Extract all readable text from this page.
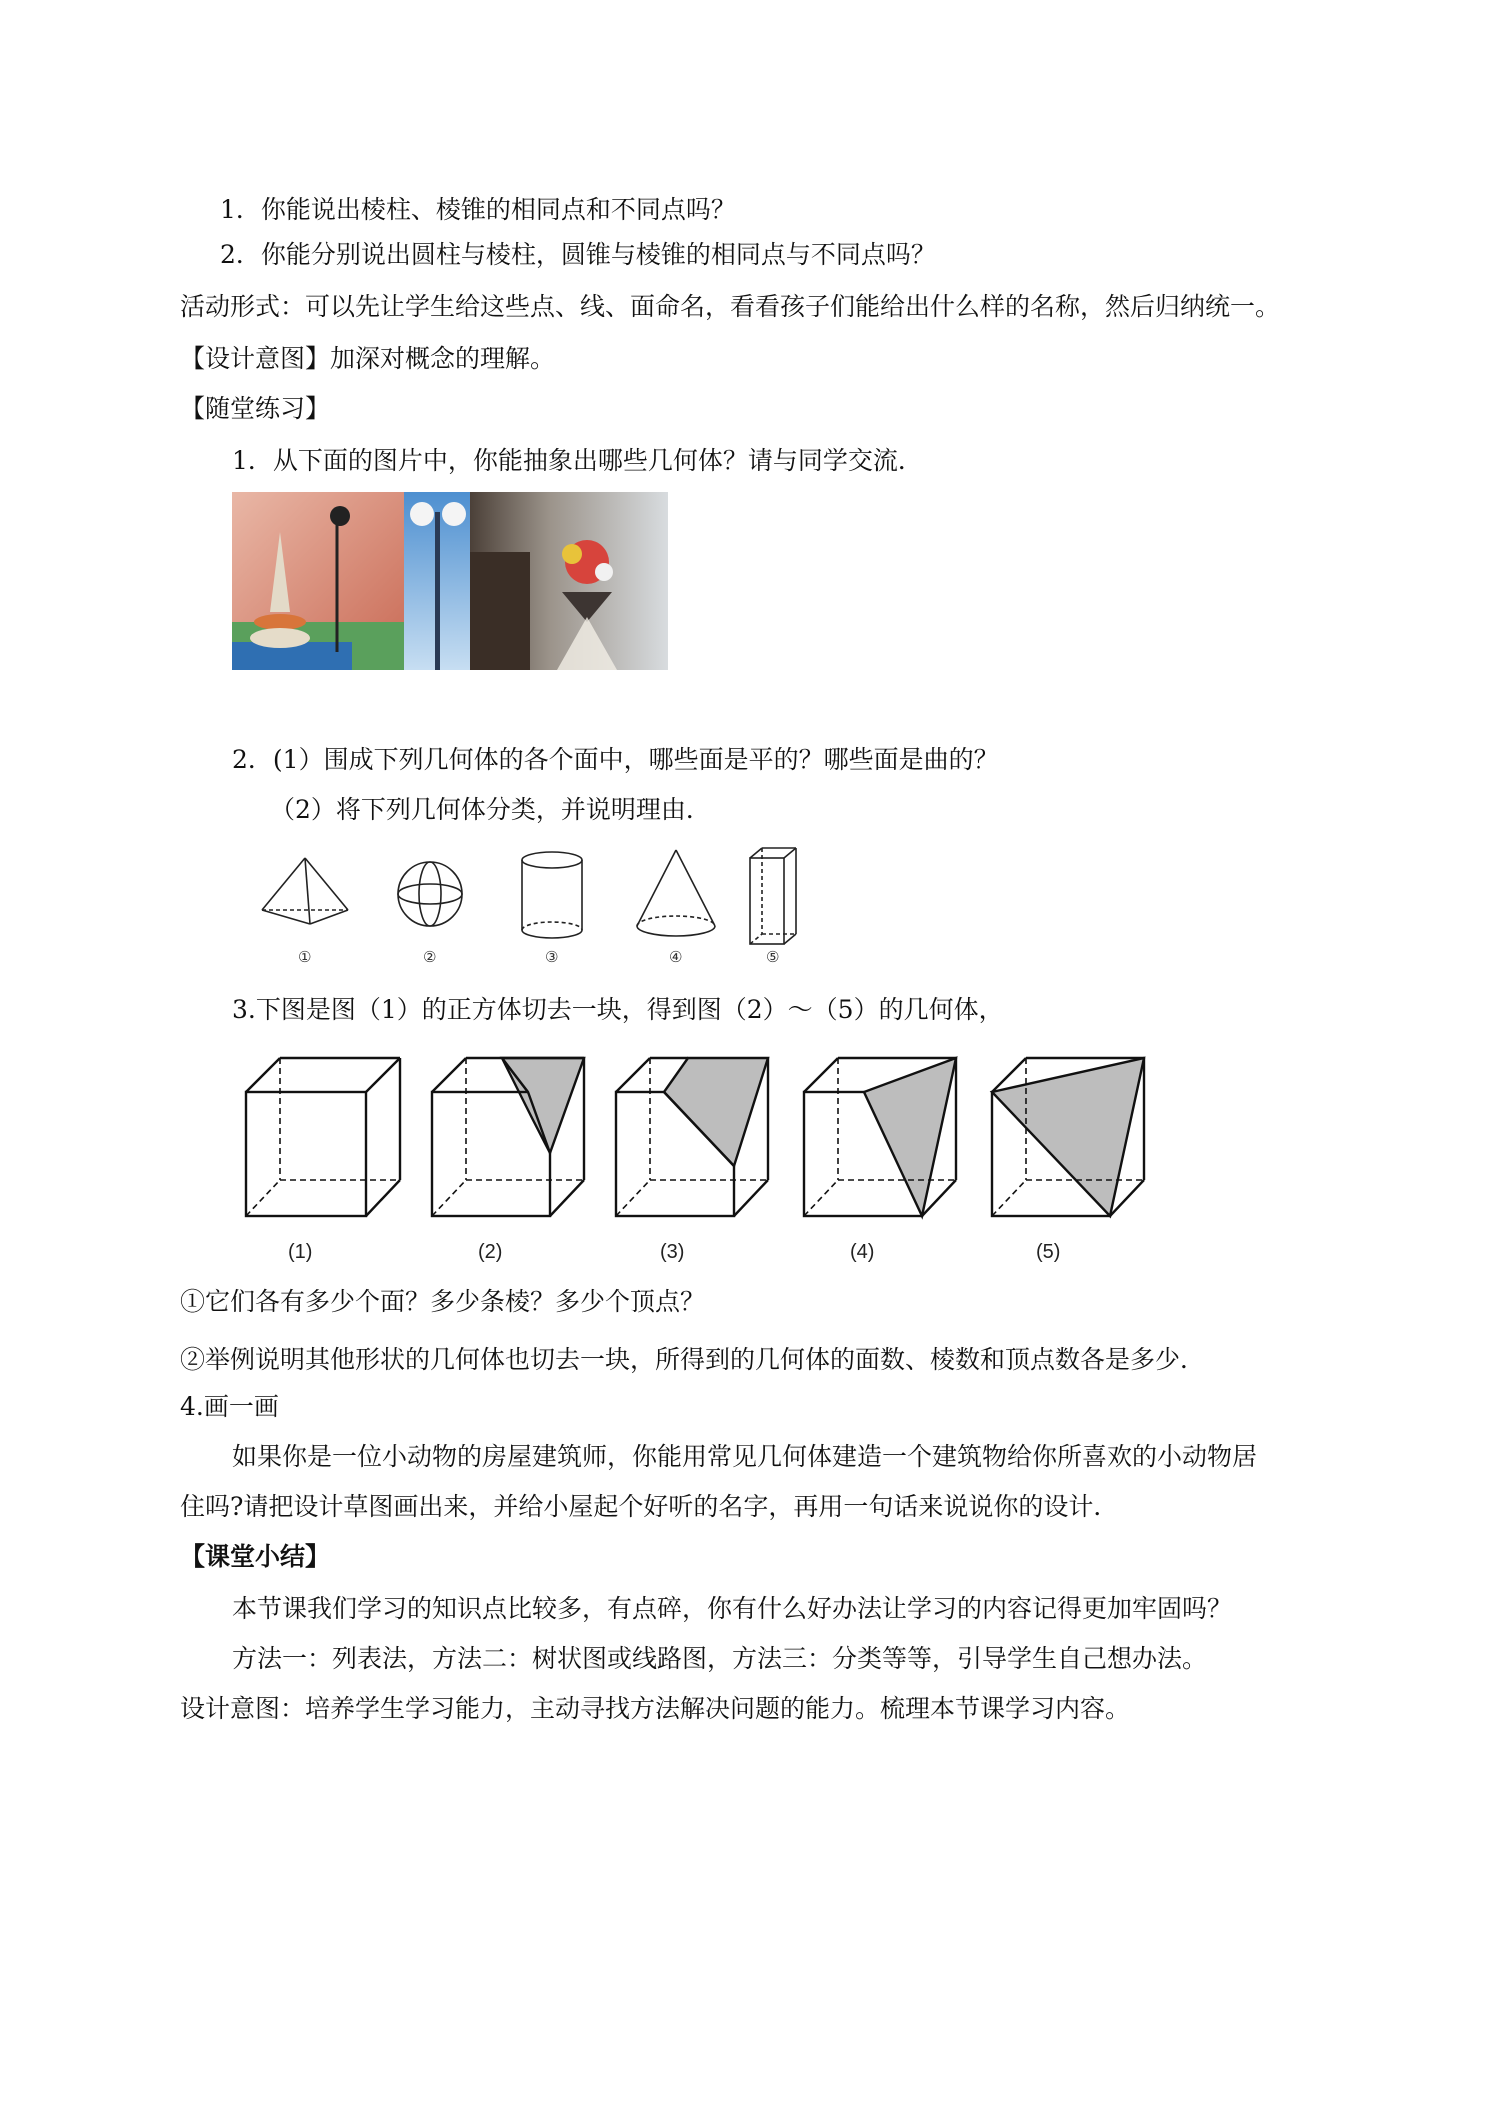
1．你能说出棱柱、棱锥的相同点和不同点吗？
2．你能分别说出圆柱与棱柱，圆锥与棱锥的相同点与不同点吗？
活动形式：可以先让学生给这些点、线、面命名，看看孩子们能给出什么样的名称，然后归纳统一。
【设计意图】加深对概念的理解。
【随堂练习】
1．从下面的图片中，你能抽象出哪些几何体？请与同学交流．
2．(1）围成下列几何体的各个面中，哪些面是平的？哪些面是曲的？
（2）将下列几何体分类，并说明理由．
①	②	③	④	⑤
3.下图是图（1）的正方体切去一块，得到图（2）～（5）的几何体，
(1)	(2)	(3)	(4)	(5)
①它们各有多少个面？多少条棱？多少个顶点？
②举例说明其他形状的几何体也切去一块，所得到的几何体的面数、棱数和顶点数各是多少．
4.画一画
如果你是一位小动物的房屋建筑师，你能用常见几何体建造一个建筑物给你所喜欢的小动物居
住吗?请把设计草图画出来，并给小屋起个好听的名字，再用一句话来说说你的设计．
【课堂小结】
本节课我们学习的知识点比较多，有点碎，你有什么好办法让学习的内容记得更加牢固吗？
方法一：列表法，方法二：树状图或线路图，方法三：分类等等，引导学生自己想办法。
设计意图：培养学生学习能力，主动寻找方法解决问题的能力。梳理本节课学习内容。
